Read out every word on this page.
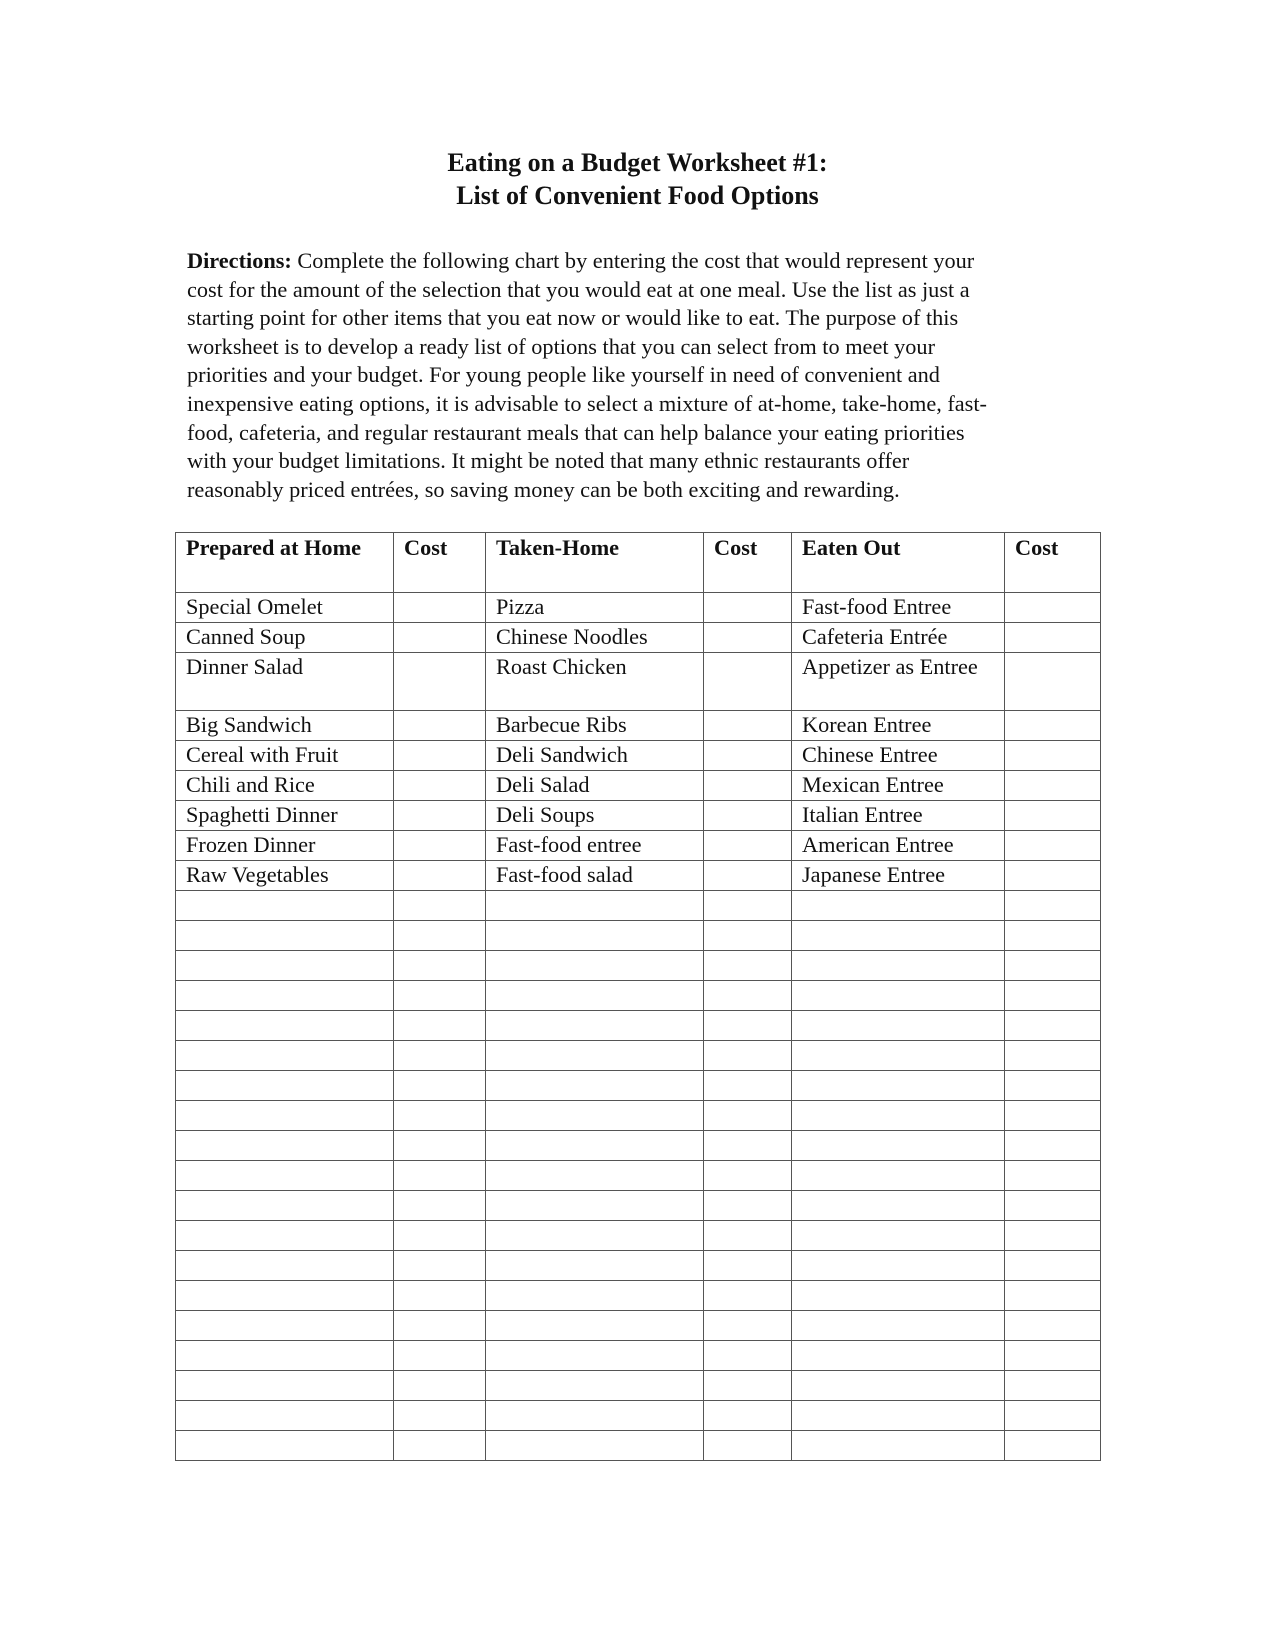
Eating on a Budget Worksheet #1:
List of Convenient Food Options
Directions: Complete the following chart by entering the cost that would represent your
cost for the amount of the selection that you would eat at one meal. Use the list as just a
starting point for other items that you eat now or would like to eat. The purpose of this
worksheet is to develop a ready list of options that you can select from to meet your
priorities and your budget. For young people like yourself in need of convenient and
inexpensive eating options, it is advisable to select a mixture of at-home, take-home, fast-
food, cafeteria, and regular restaurant meals that can help balance your eating priorities
with your budget limitations. It might be noted that many ethnic restaurants offer
reasonably priced entrées, so saving money can be both exciting and rewarding.
Prepared at Home	Cost	Taken-Home	Cost	Eaten Out	Cost
Special Omelet		Pizza		Fast-food Entree	
Canned Soup		Chinese Noodles		Cafeteria Entrée	
Dinner Salad		Roast Chicken		Appetizer as Entree	
Big Sandwich		Barbecue Ribs		Korean Entree	
Cereal with Fruit		Deli Sandwich		Chinese Entree	
Chili and Rice		Deli Salad		Mexican Entree	
Spaghetti Dinner		Deli Soups		Italian Entree	
Frozen Dinner		Fast-food entree		American Entree	
Raw Vegetables		Fast-food salad		Japanese Entree	
